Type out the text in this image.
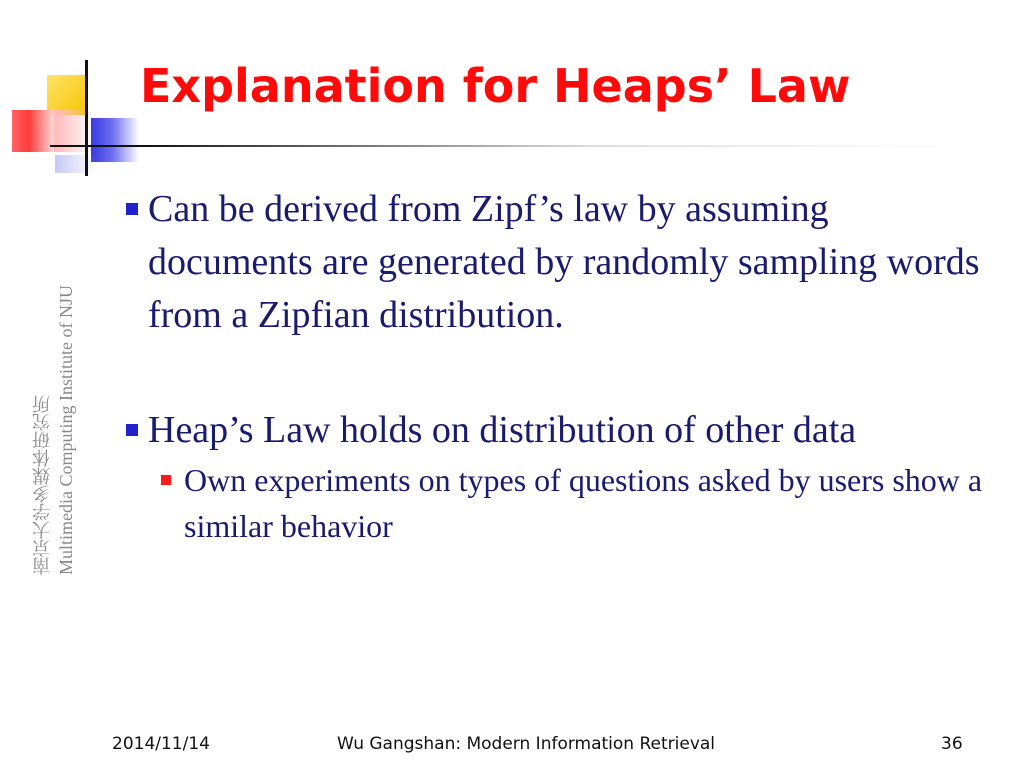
Explanation for Heaps’ Law
南京大学多媒体研究所 Multimedia Computing Institute of NJU

Can be derived from Zipf’s law by assuming documents are generated by randomly sampling words from a Zipfian distribution.

Heap’s Law holds on distribution of other data

Own experiments on types of questions asked by users show a similar behavior

2014/11/14	Wu Gangshan: Modern Information Retrieval	36
